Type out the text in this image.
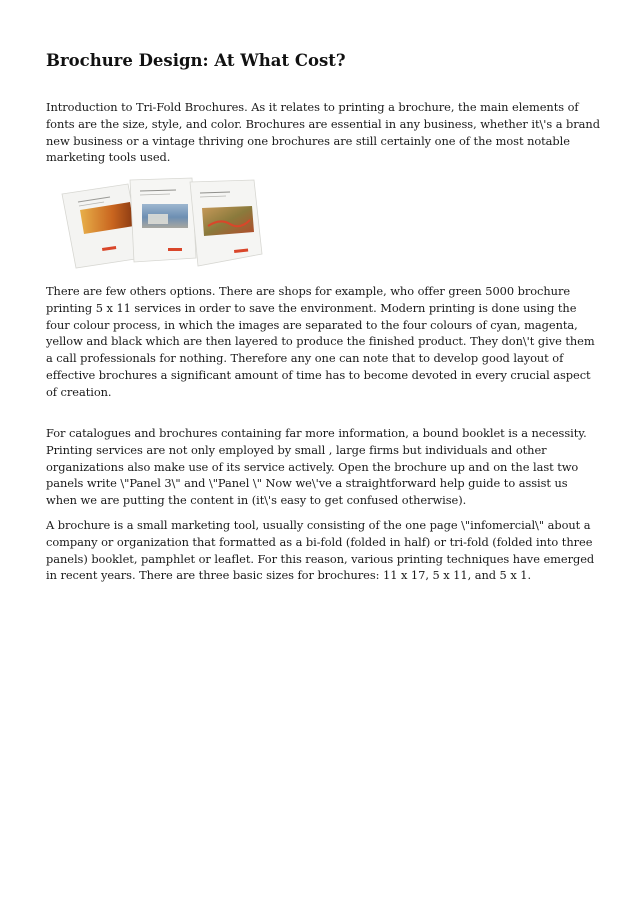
Brochure Design: At What Cost?

Introduction to Tri-Fold Brochures. As it relates to printing a brochure, the main elements of fonts are the size, style, and color. Brochures are essential in any business, whether it\'s a brand new business or a vintage thriving one brochures are still certainly one of the most notable marketing tools used.

There are few others options. There are shops for example, who offer green 5000 brochure printing 5 x 11 services in order to save the environment. Modern printing is done using the four colour process, in which the images are separated to the four colours of cyan, magenta, yellow and black which are then layered to produce the finished product. They don\'t give them a call professionals for nothing. Therefore any one can note that to develop good layout of effective brochures a significant amount of time has to become devoted in every crucial aspect of creation.

For catalogues and brochures containing far more information, a bound booklet is a necessity. Printing services are not only employed by small , large firms but individuals and other organizations also make use of its service actively. Open the brochure up and on the last two panels write \"Panel 3\" and \"Panel \" Now we\'ve a straightforward help guide to assist us when we are putting the content in (it\'s easy to get confused otherwise).

A brochure is a small marketing tool, usually consisting of the one page \"infomercial\" about a company or organization that formatted as a bi-fold (folded in half) or tri-fold (folded into three panels) booklet, pamphlet or leaflet. For this reason, various printing techniques have emerged in recent years. There are three basic sizes for brochures: 11 x 17, 5 x 11, and 5 x 1.
